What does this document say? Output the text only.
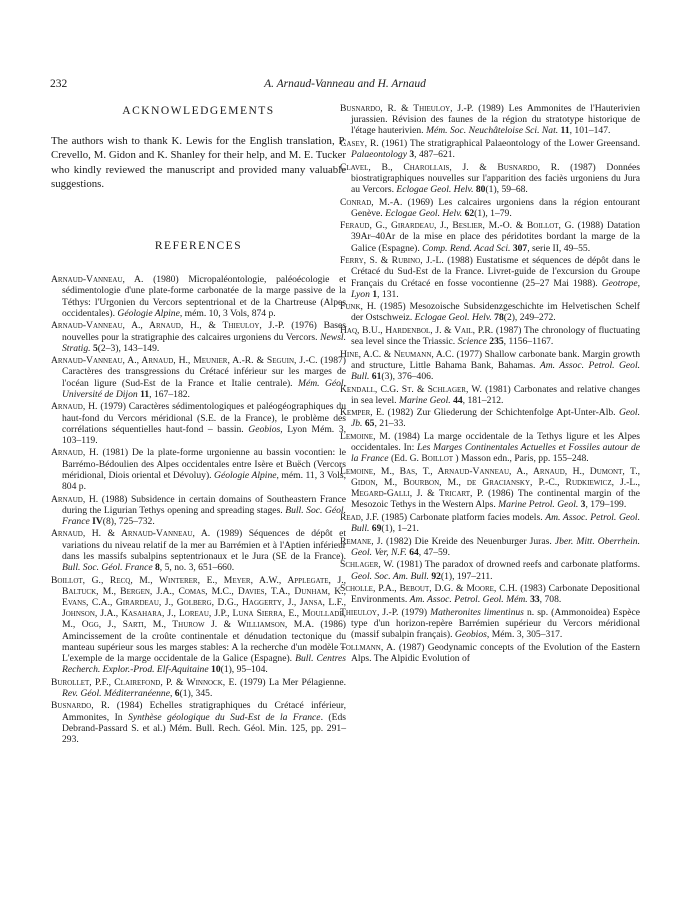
232	A. Arnaud-Vanneau and H. Arnaud
ACKNOWLEDGEMENTS

The authors wish to thank K. Lewis for the English translation, P. Crevello, M. Gidon and K. Shanley for their help, and M. E. Tucker who kindly reviewed the manuscript and provided many valuable suggestions.

REFERENCES

Arnaud-Vanneau, A. (1980) Micropaléontologie, paléoécologie et sédimentologie d'une plate-forme carbonatée de la marge passive de la Téthys: l'Urgonien du Vercors septentrional et de la Chartreuse (Alpes occidentales). Géologie Alpine, mém. 10, 3 Vols, 874 p.

Arnaud-Vanneau, A., Arnaud, H., & Thieuloy, J.-P. (1976) Bases nouvelles pour la stratigraphie des calcaires urgoniens du Vercors. Newsl. Stratig. 5(2–3), 143–149.

Arnaud-Vanneau, A., Arnaud, H., Meunier, A.-R. & Seguin, J.-C. (1987) Caractères des transgressions du Crétacé inférieur sur les marges de l'océan ligure (Sud-Est de la France et Italie centrale). Mém. Géol. Université de Dijon 11, 167–182.

Arnaud, H. (1979) Caractères sédimentologiques et paléogéographiques du haut-fond du Vercors méridional (S.E. de la France), le problème des corrélations séquentielles haut-fond – bassin. Geobios, Lyon Mém. 3, 103–119.

Arnaud, H. (1981) De la plate-forme urgonienne au bassin vocontien: le Barrémo-Bédoulien des Alpes occidentales entre Isère et Buëch (Vercors méridional, Diois oriental et Dévoluy). Géologie Alpine, mém. 11, 3 Vols, 804 p.

Arnaud, H. (1988) Subsidence in certain domains of Southeastern France during the Ligurian Tethys opening and spreading stages. Bull. Soc. Géol. France IV(8), 725–732.

Arnaud, H. & Arnaud-Vanneau, A. (1989) Séquences de dépôt et variations du niveau relatif de la mer au Barrémien et à l'Aptien inférieur dans les massifs subalpins septentrionaux et le Jura (SE de la France). Bull. Soc. Géol. France 8, 5, no. 3, 651–660.

Boillot, G., Recq, M., Winterer, E., Meyer, A.W., Applegate, J., Baltuck, M., Bergen, J.A., Comas, M.C., Davies, T.A., Dunham, K., Evans, C.A., Girardeau, J., Golberg, D.G., Haggerty, J., Jansa, L.F., Johnson, J.A., Kasahara, J., Loreau, J.P., Luna Sierra, E., Moullade, M., Ogg, J., Sarti, M., Thurow J. & Williamson, M.A. (1986) Amincissement de la croûte continentale et dénudation tectonique du manteau supérieur sous les marges stables: A la recherche d'un modèle – L'exemple de la marge occidentale de la Galice (Espagne). Bull. Centres Recherch. Explor.-Prod. Elf-Aquitaine 10(1), 95–104.

Burollet, P.F., Clairefond, P. & Winnock, E. (1979) La Mer Pélagienne. Rev. Géol. Méditerranéenne, 6(1), 345.

Busnardo, R. (1984) Echelles stratigraphiques du Crétacé inférieur, Ammonites, In Synthèse géologique du Sud-Est de la France. (Eds Debrand-Passard S. et al.) Mém. Bull. Rech. Géol. Min. 125, pp. 291–293.

Busnardo, R. & Thieuloy, J.-P. (1989) Les Ammonites de l'Hauterivien jurassien. Révision des faunes de la région du stratotype historique de l'étage hauterivien. Mém. Soc. Neuchâteloise Sci. Nat. 11, 101–147.

Casey, R. (1961) The stratigraphical Palaeontology of the Lower Greensand. Palaeontology 3, 487–621.

Clavel, B., Charollais, J. & Busnardo, R. (1987) Données biostratigraphiques nouvelles sur l'apparition des faciès urgoniens du Jura au Vercors. Eclogae Geol. Helv. 80(1), 59–68.

Conrad, M.-A. (1969) Les calcaires urgoniens dans la région entourant Genève. Eclogae Geol. Helv. 62(1), 1–79.

Feraud, G., Girardeau, J., Beslier, M.-O. & Boillot, G. (1988) Datation 39Ar–40Ar de la mise en place des péridotites bordant la marge de la Galice (Espagne). Comp. Rend. Acad Sci. 307, serie II, 49–55.

Ferry, S. & Rubino, J.-L. (1988) Eustatisme et séquences de dépôt dans le Crétacé du Sud-Est de la France. Livret-guide de l'excursion du Groupe Français du Crétacé en fosse vocontienne (25–27 Mai 1988). Geotrope, Lyon 1, 131.

Funk, H. (1985) Mesozoische Subsidenzgeschichte im Helvetischen Schelf der Ostschweiz. Eclogae Geol. Helv. 78(2), 249–272.

Haq, B.U., Hardenbol, J. & Vail, P.R. (1987) The chronology of fluctuating sea level since the Triassic. Science 235, 1156–1167.

Hine, A.C. & Neumann, A.C. (1977) Shallow carbonate bank. Margin growth and structure, Little Bahama Bank, Bahamas. Am. Assoc. Petrol. Geol. Bull. 61(3), 376–406.

Kendall, C.G. St. & Schlager, W. (1981) Carbonates and relative changes in sea level. Marine Geol. 44, 181–212.

Kemper, E. (1982) Zur Gliederung der Schichtenfolge Apt-Unter-Alb. Geol. Jb. 65, 21–33.

Lemoine, M. (1984) La marge occidentale de la Tethys ligure et les Alpes occidentales. In: Les Marges Continentales Actuelles et Fossiles autour de la France (Ed. G. Boillot ) Masson edn., Paris, pp. 155–248.

Lemoine, M., Bas, T., Arnaud-Vanneau, A., Arnaud, H., Dumont, T., Gidon, M., Bourbon, M., de Graciansky, P.-C., Rudkiewicz, J.-L., Megard-Galli, J. & Tricart, P. (1986) The continental margin of the Mesozoic Tethys in the Western Alps. Marine Petrol. Geol. 3, 179–199.

Read, J.F. (1985) Carbonate platform facies models. Am. Assoc. Petrol. Geol. Bull. 69(1), 1–21.

Remane, J. (1982) Die Kreide des Neuenburger Juras. Jber. Mitt. Oberrhein. Geol. Ver, N.F. 64, 47–59.

Schlager, W. (1981) The paradox of drowned reefs and carbonate platforms. Geol. Soc. Am. Bull. 92(1), 197–211.

Scholle, P.A., Bebout, D.G. & Moore, C.H. (1983) Carbonate Depositional Environments. Am. Assoc. Petrol. Geol. Mém. 33, 708.

Thieuloy, J.-P. (1979) Matheronites limentinus n. sp. (Ammonoidea) Espèce type d'un horizon-repère Barrémien supérieur du Vercors méridional (massif subalpin français). Geobios, Mém. 3, 305–317.

Tollmann, A. (1987) Geodynamic concepts of the Evolution of the Eastern Alps. The Alpidic Evolution of
